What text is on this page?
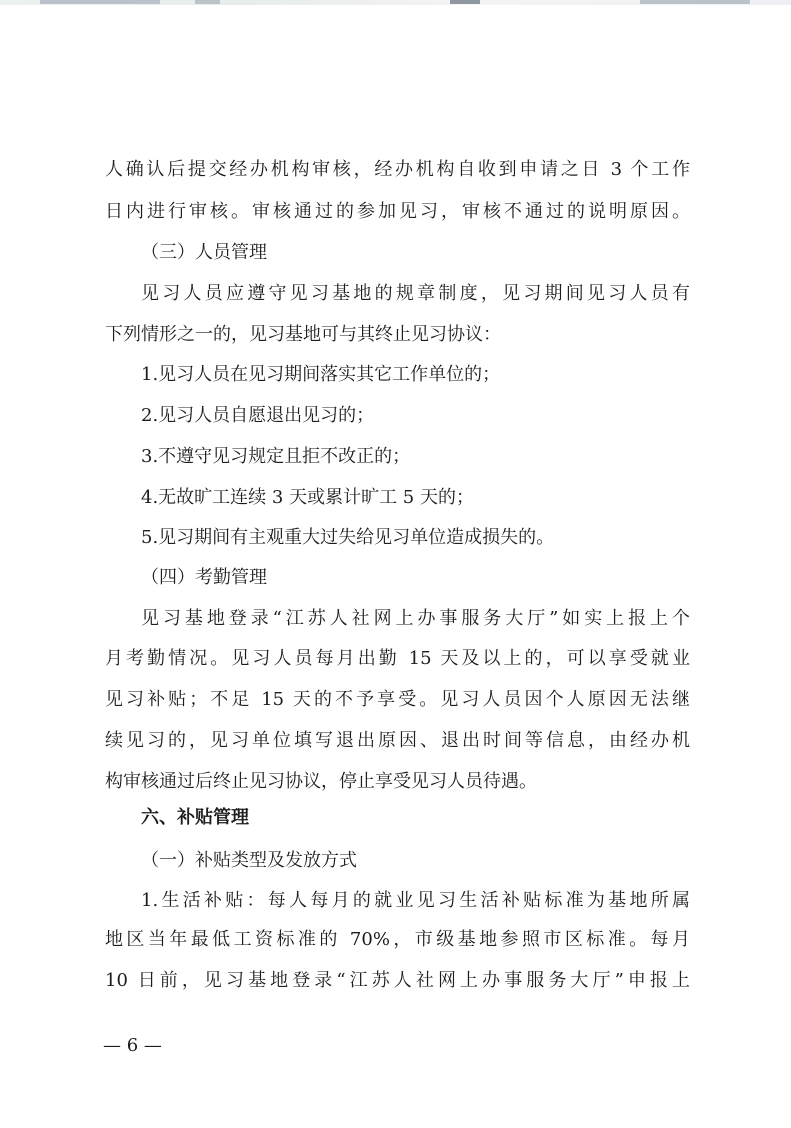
人确认后提交经办机构审核，经办机构自收到申请之日 3 个工作
日内进行审核。审核通过的参加见习，审核不通过的说明原因。
（三）人员管理
见习人员应遵守见习基地的规章制度，见习期间见习人员有
下列情形之一的，见习基地可与其终止见习协议：
1.见习人员在见习期间落实其它工作单位的；
2.见习人员自愿退出见习的；
3.不遵守见习规定且拒不改正的；
4.无故旷工连续 3 天或累计旷工 5 天的；
5.见习期间有主观重大过失给见习单位造成损失的。
（四）考勤管理
见习基地登录“江苏人社网上办事服务大厅”如实上报上个
月考勤情况。见习人员每月出勤 15 天及以上的，可以享受就业
见习补贴；不足 15 天的不予享受。见习人员因个人原因无法继
续见习的，见习单位填写退出原因、退出时间等信息，由经办机
构审核通过后终止见习协议，停止享受见习人员待遇。
六、补贴管理
（一）补贴类型及发放方式
1.生活补贴：每人每月的就业见习生活补贴标准为基地所属
地区当年最低工资标准的 70%，市级基地参照市区标准。每月
10 日前，见习基地登录“江苏人社网上办事服务大厅”申报上
— 6 —
